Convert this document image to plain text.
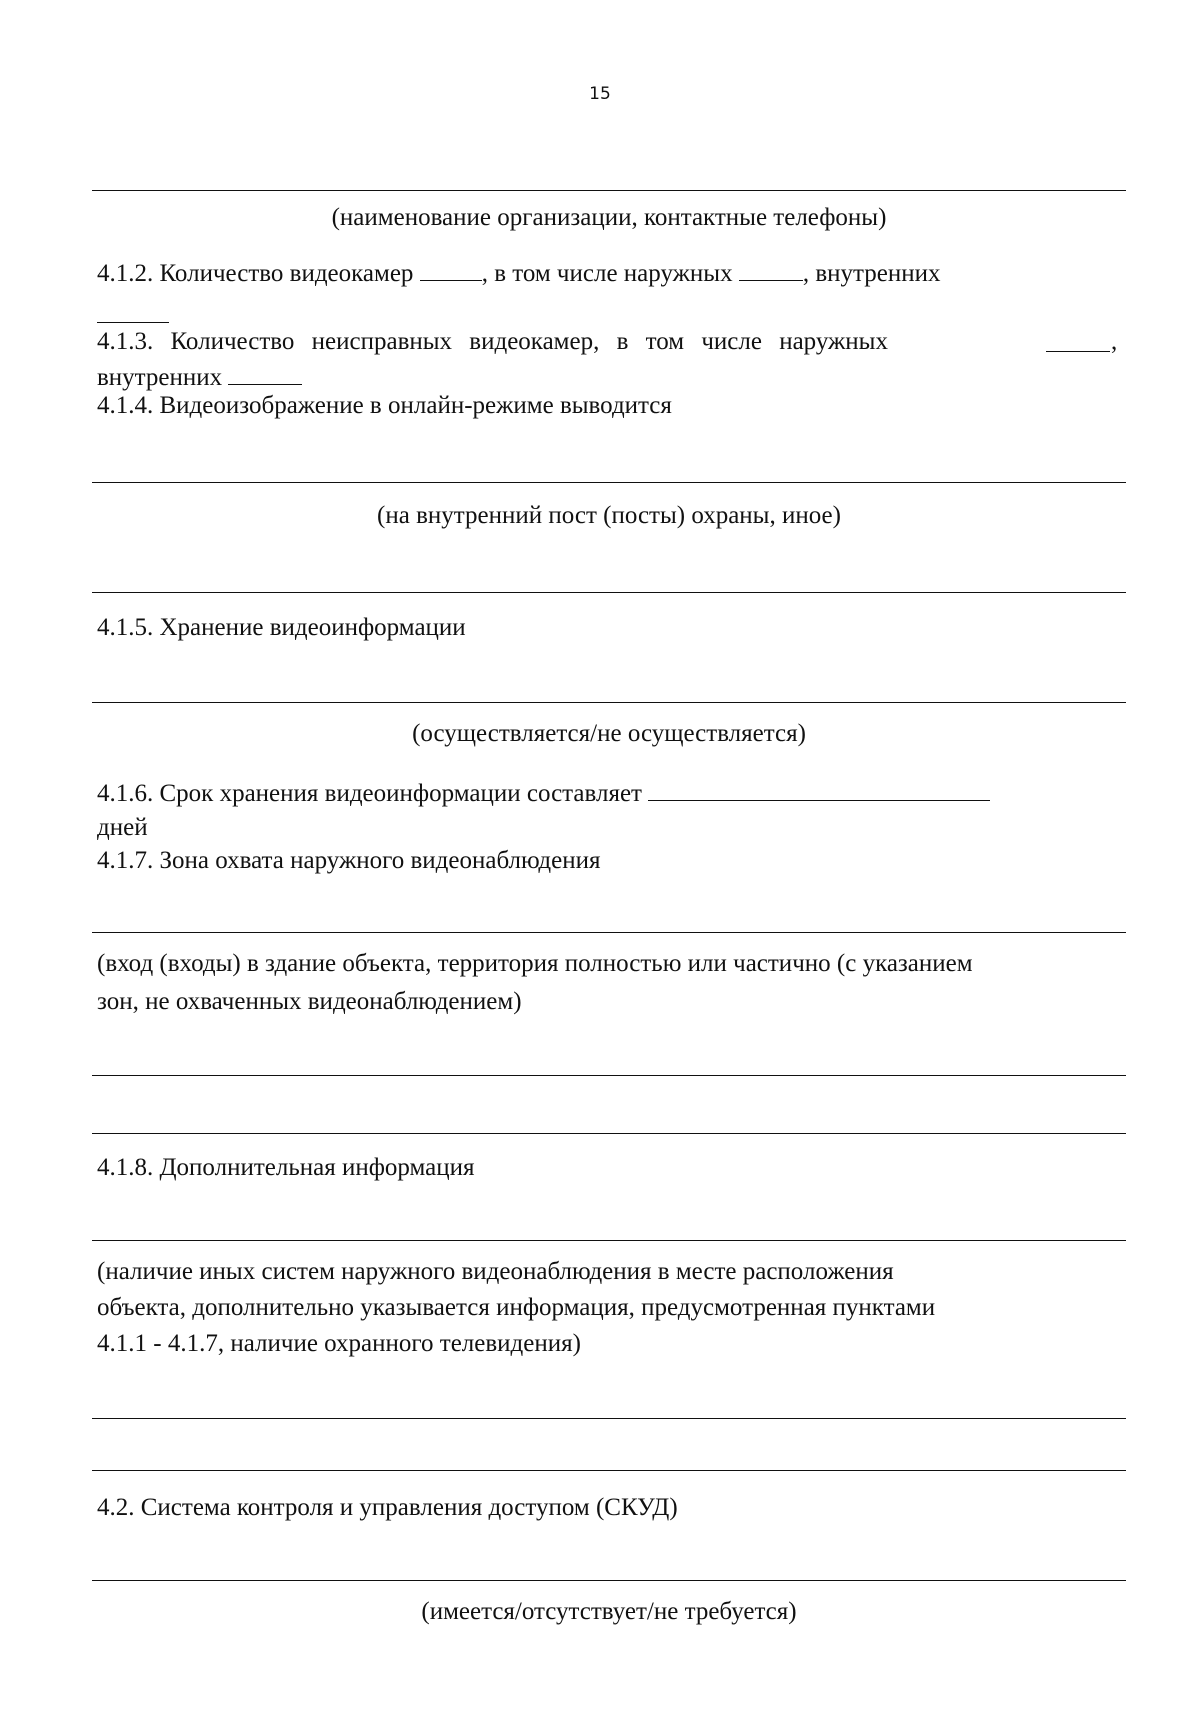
15
(наименование организации, контактные телефоны)
4.1.2. Количество видеокамер	, в том числе наружных	, внутренних
4.1.3. Количество неисправных видеокамер, в том числе наружных	,
внутренних
4.1.4. Видеоизображение в онлайн-режиме выводится
(на внутренний пост (посты) охраны, иное)
4.1.5. Хранение видеоинформации
(осуществляется/не осуществляется)
4.1.6. Срок хранения видеоинформации составляет
дней
4.1.7. Зона охвата наружного видеонаблюдения
(вход (входы) в здание объекта, территория полностью или частично (с указанием
зон, не охваченных видеонаблюдением)
4.1.8. Дополнительная информация
(наличие иных систем наружного видеонаблюдения в месте расположения
объекта, дополнительно указывается информация, предусмотренная пунктами
4.1.1 - 4.1.7, наличие охранного телевидения)
4.2. Система контроля и управления доступом (СКУД)
(имеется/отсутствует/не требуется)
